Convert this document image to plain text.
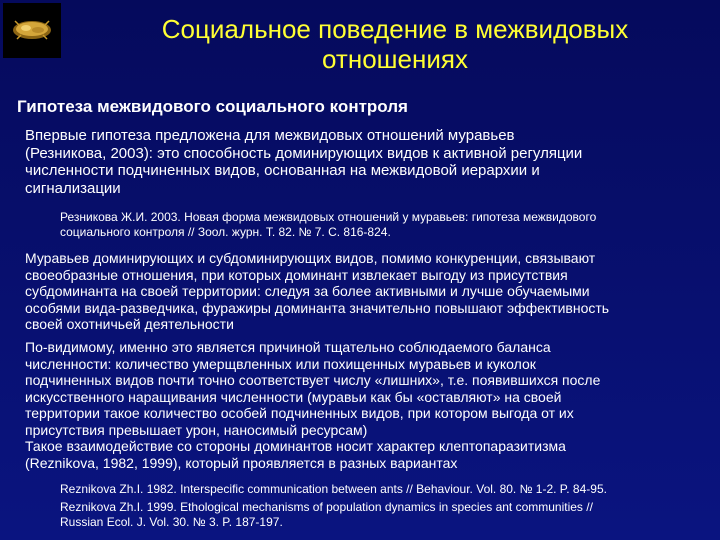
Социальное поведение в межвидовых
отношениях
Гипотеза межвидового социального контроля
Впервые гипотеза предложена для межвидовых отношений муравьев
(Резникова, 2003): это способность доминирующих видов к активной регуляции
численности подчиненных видов, основанная на межвидовой иерархии и
сигнализации
Резникова Ж.И. 2003. Новая форма межвидовых отношений у муравьев: гипотеза межвидового
социального контроля // Зоол. журн. Т. 82. № 7. С. 816-824.
Муравьев доминирующих и субдоминирующих видов, помимо конкуренции, связывают
своеобразные отношения, при которых доминант извлекает выгоду из присутствия
субдоминанта на своей территории: следуя за более активными и лучше обучаемыми
особями вида-разведчика, фуражиры доминанта значительно повышают эффективность
своей охотничьей деятельности
По-видимому, именно это является причиной тщательно соблюдаемого баланса
численности: количество умерщвленных или похищенных муравьев и куколок
подчиненных видов почти точно соответствует числу «лишних», т.е. появившихся после
искусственного наращивания численности (муравьи как бы «оставляют» на своей
территории такое количество особей подчиненных видов, при котором выгода от их
присутствия превышает урон, наносимый ресурсам)
Такое взаимодействие со стороны доминантов носит характер клептопаразитизма
(Reznikova, 1982, 1999), который проявляется в разных вариантах
Reznikova Zh.I. 1982. Interspecific communication between ants // Behaviour. Vol. 80. № 1-2. P. 84-95.
Reznikova Zh.I. 1999. Ethological mechanisms of population dynamics in species ant communities //
Russian Ecol. J. Vol. 30. № 3. P. 187-197.
